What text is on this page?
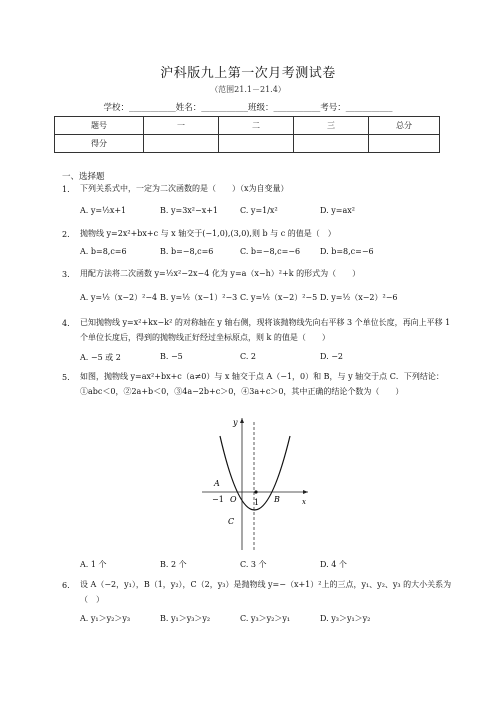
沪科版九上第一次月考测试卷
（范围21.1－21.4）
学校：___________姓名：___________班级：___________考号：___________
题号	一	二	三	总分
得分				
一、选择题
1. 下列关系式中，一定为二次函数的是（　　）（x为自变量）
A. y=½x+1	B. y=3x²−x+1	C. y=1/x²	D. y=ax²
2. 抛物线 y=2x²+bx+c 与 x 轴交于(−1,0),(3,0),则 b 与 c 的值是（　）
A. b=8,c=6	B. b=−8,c=6	C. b=−8,c=−6 D. b=8,c=−6
3. 用配方法将二次函数 y=½x²−2x−4 化为 y=a（x−h）²+k 的形式为（　　）
A. y=½（x−2）²−4 B. y=½（x−1）²−3 C. y=½（x−2）²−5 D. y=½（x−2）²−6
4. 已知抛物线 y=x²+kx−k² 的对称轴在 y 轴右侧，现将该抛物线先向右平移 3 个单位长度，再向上平移 1 个单位长度后，得到的抛物线正好经过坐标原点，则 k 的值是（　　）
A. −5 或 2	B. −5	C. 2	D. −2
5. 如图，抛物线 y=ax²+bx+c（a≠0）与 x 轴交于点 A（−1，0）和 B，与 y 轴交于点 C．下列结论：①abc＜0，②2a+b＜0，③4a−2b+c＞0，④3a+c＞0，其中正确的结论个数为（　　）
y
x
A
−1 O 1 B
C
A. 1 个	B. 2 个	C. 3 个	D. 4 个
6. 设 A（−2，y₁），B（1，y₂），C（2，y₃）是抛物线 y=−（x+1）²上的三点，y₁、y₂、y₃ 的大小关系为（　）
A. y₁＞y₂＞y₃	B. y₁＞y₃＞y₂	C. y₃＞y₂＞y₁	D. y₃＞y₁＞y₂
